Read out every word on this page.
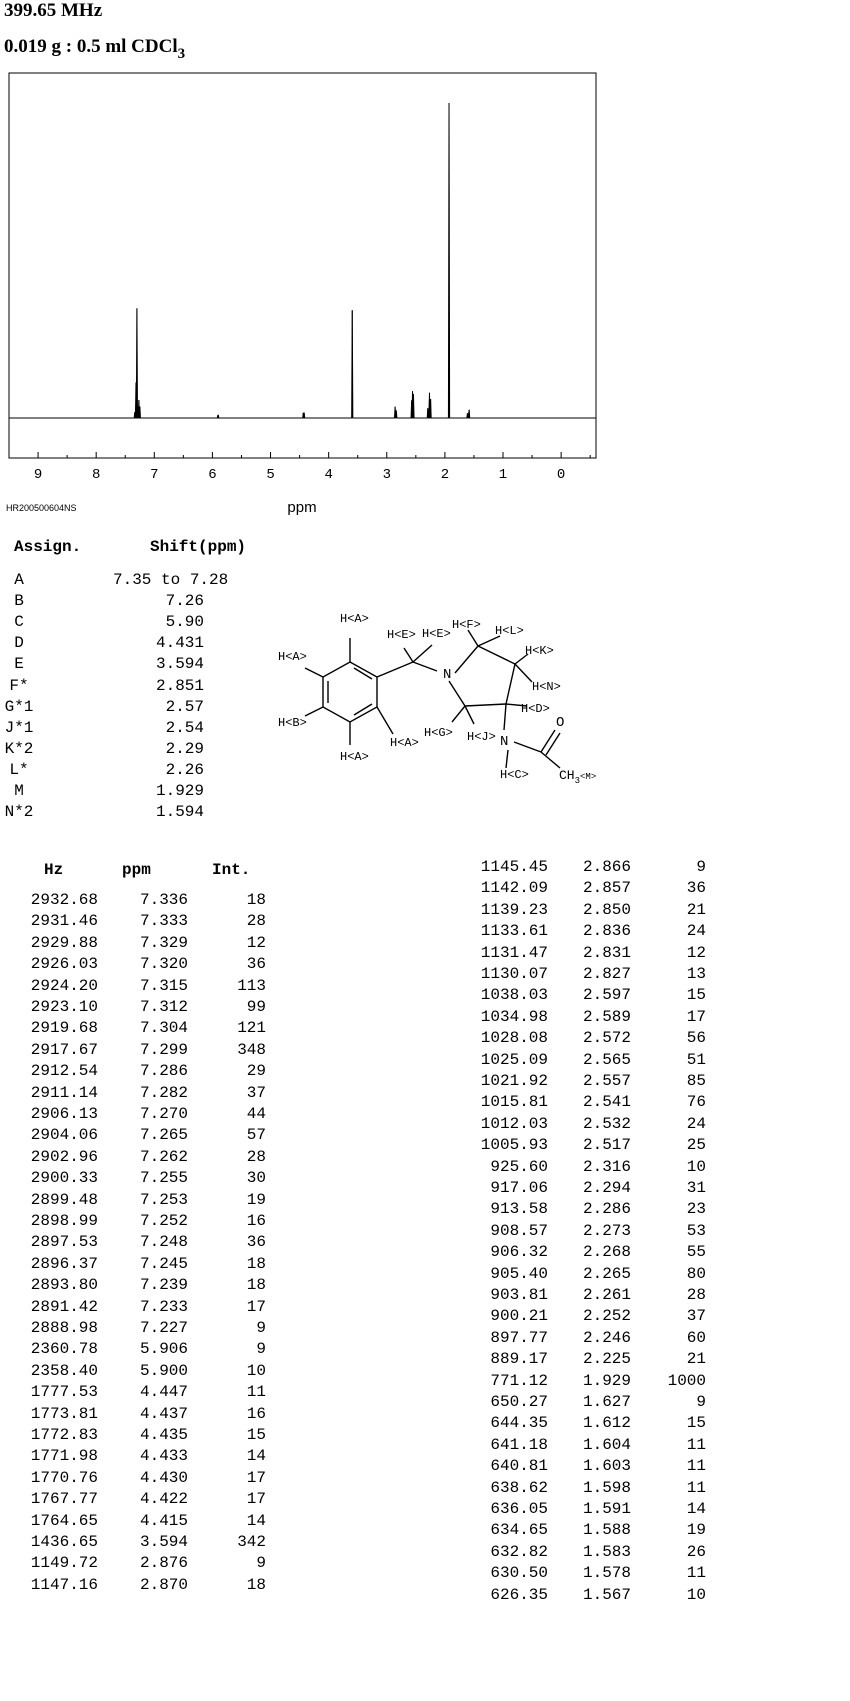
399.65 MHz
0.019 g : 0.5 ml CDCl$_3$
9	8	7	6	5	4	3	2	1	0
ppm
HR200500604NS
Assign.	Shift(ppm)
A	7.35 to 7.28
B	7.26
C	5.90
D	4.431
E	3.594
F*	2.851
G*1	2.57
J*1	2.54
K*2	2.29
L*	2.26
M	1.929
N*2	1.594
H<A>
H<A>
H<B>
H<A>
H<A>
H<E> H<E>
H<F> H<L>
H<K>
H<N>
H<D>
H<G> H<J>
H<C>
N
N
O
$CH_3^{<M>}$
Hz	ppm	Int.
2932.68	7.336	18
2931.46	7.333	28
2929.88	7.329	12
2926.03	7.320	36
2924.20	7.315	113
2923.10	7.312	99
2919.68	7.304	121
2917.67	7.299	348
2912.54	7.286	29
2911.14	7.282	37
2906.13	7.270	44
2904.06	7.265	57
2902.96	7.262	28
2900.33	7.255	30
2899.48	7.253	19
2898.99	7.252	16
2897.53	7.248	36
2896.37	7.245	18
2893.80	7.239	18
2891.42	7.233	17
2888.98	7.227	9
2360.78	5.906	9
2358.40	5.900	10
1777.53	4.447	11
1773.81	4.437	16
1772.83	4.435	15
1771.98	4.433	14
1770.76	4.430	17
1767.77	4.422	17
1764.65	4.415	14
1436.65	3.594	342
1149.72	2.876	9
1147.16	2.870	18
1145.45	2.866	9
1142.09	2.857	36
1139.23	2.850	21
1133.61	2.836	24
1131.47	2.831	12
1130.07	2.827	13
1038.03	2.597	15
1034.98	2.589	17
1028.08	2.572	56
1025.09	2.565	51
1021.92	2.557	85
1015.81	2.541	76
1012.03	2.532	24
1005.93	2.517	25
925.60	2.316	10
917.06	2.294	31
913.58	2.286	23
908.57	2.273	53
906.32	2.268	55
905.40	2.265	80
903.81	2.261	28
900.21	2.252	37
897.77	2.246	60
889.17	2.225	21
771.12	1.929	1000
650.27	1.627	9
644.35	1.612	15
641.18	1.604	11
640.81	1.603	11
638.62	1.598	11
636.05	1.591	14
634.65	1.588	19
632.82	1.583	26
630.50	1.578	11
626.35	1.567	10
